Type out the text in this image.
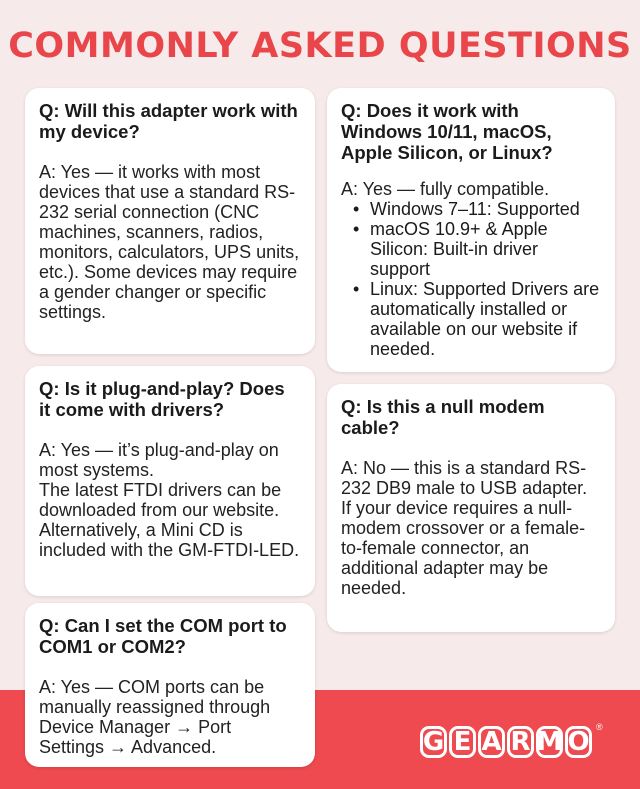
COMMONLY ASKED QUESTIONS
Q: Will this adapter work with my device?
A: Yes — it works with most devices that use a standard RS-232 serial connection (CNC machines, scanners, radios, monitors, calculators, UPS units, etc.). Some devices may require a gender changer or specific settings.
Q: Does it work with Windows 10/11, macOS, Apple Silicon, or Linux?
A: Yes — fully compatible.
• Windows 7–11: Supported
• macOS 10.9+ & Apple Silicon: Built-in driver support
• Linux: Supported Drivers are automatically installed or available on our website if needed.
Q: Is it plug-and-play? Does it come with drivers?
A: Yes — it’s plug-and-play on most systems.
The latest FTDI drivers can be downloaded from our website. Alternatively, a Mini CD is included with the GM-FTDI-LED.
Q: Is this a null modem cable?
A: No — this is a standard RS-232 DB9 male to USB adapter.
If your device requires a null-modem crossover or a female-to-female connector, an additional adapter may be needed.
Q: Can I set the COM port to COM1 or COM2?
A: Yes — COM ports can be manually reassigned through Device Manager → Port Settings → Advanced.	G E A R M O ®
